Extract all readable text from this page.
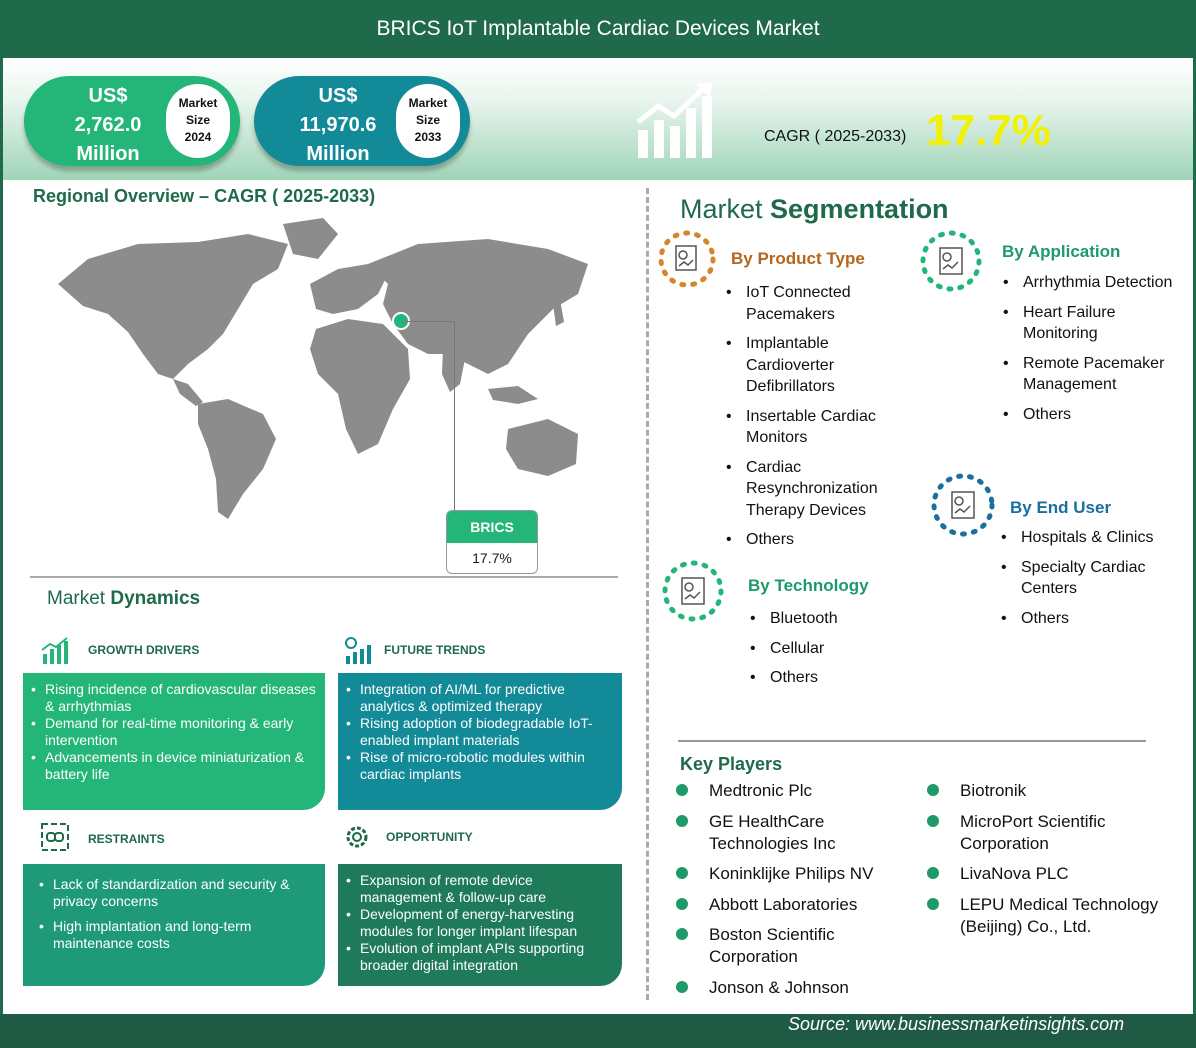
BRICS IoT Implantable Cardiac Devices Market
US$
2,762.0
Million
Market
Size
2024
US$
11,970.6
Million
Market
Size
2033	CAGR ( 2025-2033) 17.7%
Regional Overview – CAGR ( 2025-2033)
BRICS
17.7%
Market Dynamics
GROWTH DRIVERS
• Rising incidence of cardiovascular diseases & arrhythmias
• Demand for real-time monitoring & early intervention
• Advancements in device miniaturization & battery life
FUTURE TRENDS
• Integration of AI/ML for predictive analytics & optimized therapy
• Rising adoption of biodegradable IoT-enabled implant materials
• Rise of micro-robotic modules within cardiac implants
RESTRAINTS
• Lack of standardization and security & privacy concerns
• High implantation and long-term maintenance costs
OPPORTUNITY
• Expansion of remote device management & follow-up care
• Development of energy-harvesting modules for longer implant lifespan
• Evolution of implant APIs supporting broader digital integration
Market Segmentation
By Product Type
• IoT Connected Pacemakers
• Implantable Cardioverter Defibrillators
• Insertable Cardiac Monitors
• Cardiac Resynchronization Therapy Devices
• Others
By Application
• Arrhythmia Detection
• Heart Failure Monitoring
• Remote Pacemaker Management
• Others
By Technology
• Bluetooth
• Cellular
• Others
By End User
• Hospitals & Clinics
• Specialty Cardiac Centers
• Others
Key Players
Medtronic Plc
GE HealthCare Technologies Inc
Koninklijke Philips NV
Abbott Laboratories
Boston Scientific Corporation
Jonson & Johnson
Biotronik
MicroPort Scientific Corporation
LivaNova PLC
LEPU Medical Technology (Beijing) Co., Ltd.
Source: www.businessmarketinsights.com
